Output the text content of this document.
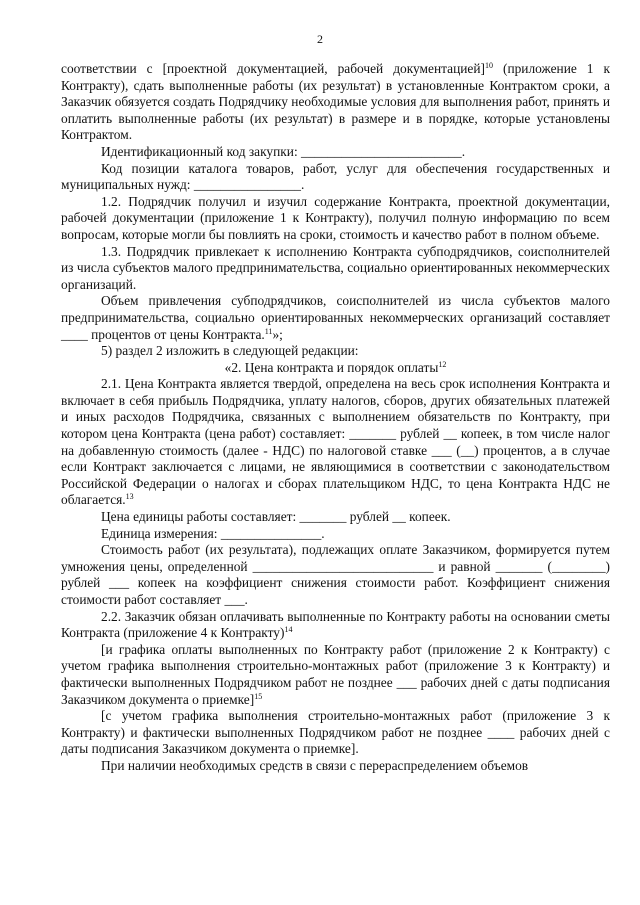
2

соответствии с [проектной документацией, рабочей документацией]$^{10}$ (приложение 1 к Контракту), сдать выполненные работы (их результат) в установленные Контрактом сроки, а Заказчик обязуется создать Подрядчику необходимые условия для выполнения работ, принять и оплатить выполненные работы (их результат) в размере и в порядке, которые установлены Контрактом.

Идентификационный код закупки: ________________________.

Код позиции каталога товаров, работ, услуг для обеспечения государственных и муниципальных нужд: ________________.

1.2. Подрядчик получил и изучил содержание Контракта, проектной документации, рабочей документации (приложение 1 к Контракту), получил полную информацию по всем вопросам, которые могли бы повлиять на сроки, стоимость и качество работ в полном объеме.

1.3. Подрядчик привлекает к исполнению Контракта субподрядчиков, соисполнителей из числа субъектов малого предпринимательства, социально ориентированных некоммерческих организаций.

Объем привлечения субподрядчиков, соисполнителей из числа субъектов малого предпринимательства, социально ориентированных некоммерческих организаций составляет ____ процентов от цены Контракта.$^{11}$»;

5) раздел 2 изложить в следующей редакции:

«2. Цена контракта и порядок оплаты$^{12}$

2.1. Цена Контракта является твердой, определена на весь срок исполнения Контракта и включает в себя прибыль Подрядчика, уплату налогов, сборов, других обязательных платежей и иных расходов Подрядчика, связанных с выполнением обязательств по Контракту, при котором цена Контракта (цена работ) составляет: _______ рублей __ копеек, в том числе налог на добавленную стоимость (далее - НДС) по налоговой ставке ___ (__) процентов, а в случае если Контракт заключается с лицами, не являющимися в соответствии с законодательством Российской Федерации о налогах и сборах плательщиком НДС, то цена Контракта НДС не облагается.$^{13}$

Цена единицы работы составляет: _______ рублей __ копеек.

Единица измерения: _______________.

Стоимость работ (их результата), подлежащих оплате Заказчиком, формируется путем умножения цены, определенной ___________________________ и равной _______ (________) рублей ___ копеек на коэффициент снижения стоимости работ. Коэффициент снижения стоимости работ составляет ___.

2.2. Заказчик обязан оплачивать выполненные по Контракту работы на основании сметы Контракта (приложение 4 к Контракту)$^{14}$

[и графика оплаты выполненных по Контракту работ (приложение 2 к Контракту) с учетом графика выполнения строительно-монтажных работ (приложение 3 к Контракту) и фактически выполненных Подрядчиком работ не позднее ___ рабочих дней с даты подписания Заказчиком документа о приемке]$^{15}$

[с учетом графика выполнения строительно-монтажных работ (приложение 3 к Контракту) и фактически выполненных Подрядчиком работ не позднее ____ рабочих дней с даты подписания Заказчиком документа о приемке].

При наличии необходимых средств в связи с перераспределением объемов
